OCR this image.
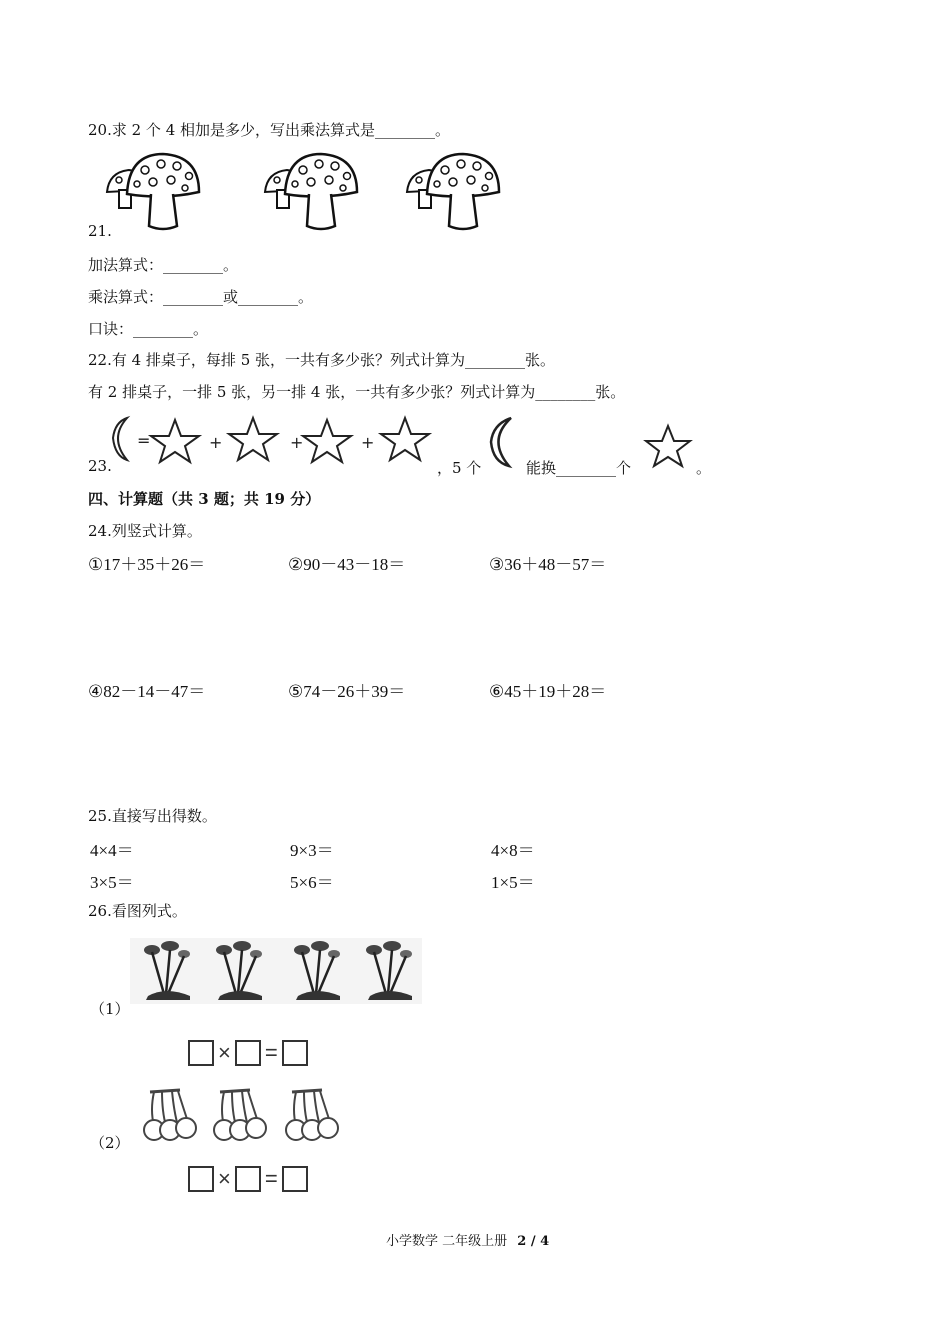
20.求 2 个 4 相加是多少，写出乘法算式是________。
21.
加法算式：________。
乘法算式：________或________。
口诀：________。
22.有 4 排桌子，每排 5 张，一共有多少张？列式计算为________张。
有 2 排桌子，一排 5 张，另一排 4 张，一共有多少张？列式计算为________张。
23.
=	+	+	+
，5 个	能换________个	。
四、计算题（共 3 题；共 19 分）
24.列竖式计算。
①17＋35＋26＝	②90－43－18＝	③36＋48－57＝
④82－14－47＝	⑤74－26＋39＝	⑥45＋19＋28＝
25.直接写出得数。
4×4＝	9×3＝	4×8＝
3×5＝	5×6＝	1×5＝
26.看图列式。
（1）
× =
（2）
× =
小学数学 二年级上册 2 / 4
